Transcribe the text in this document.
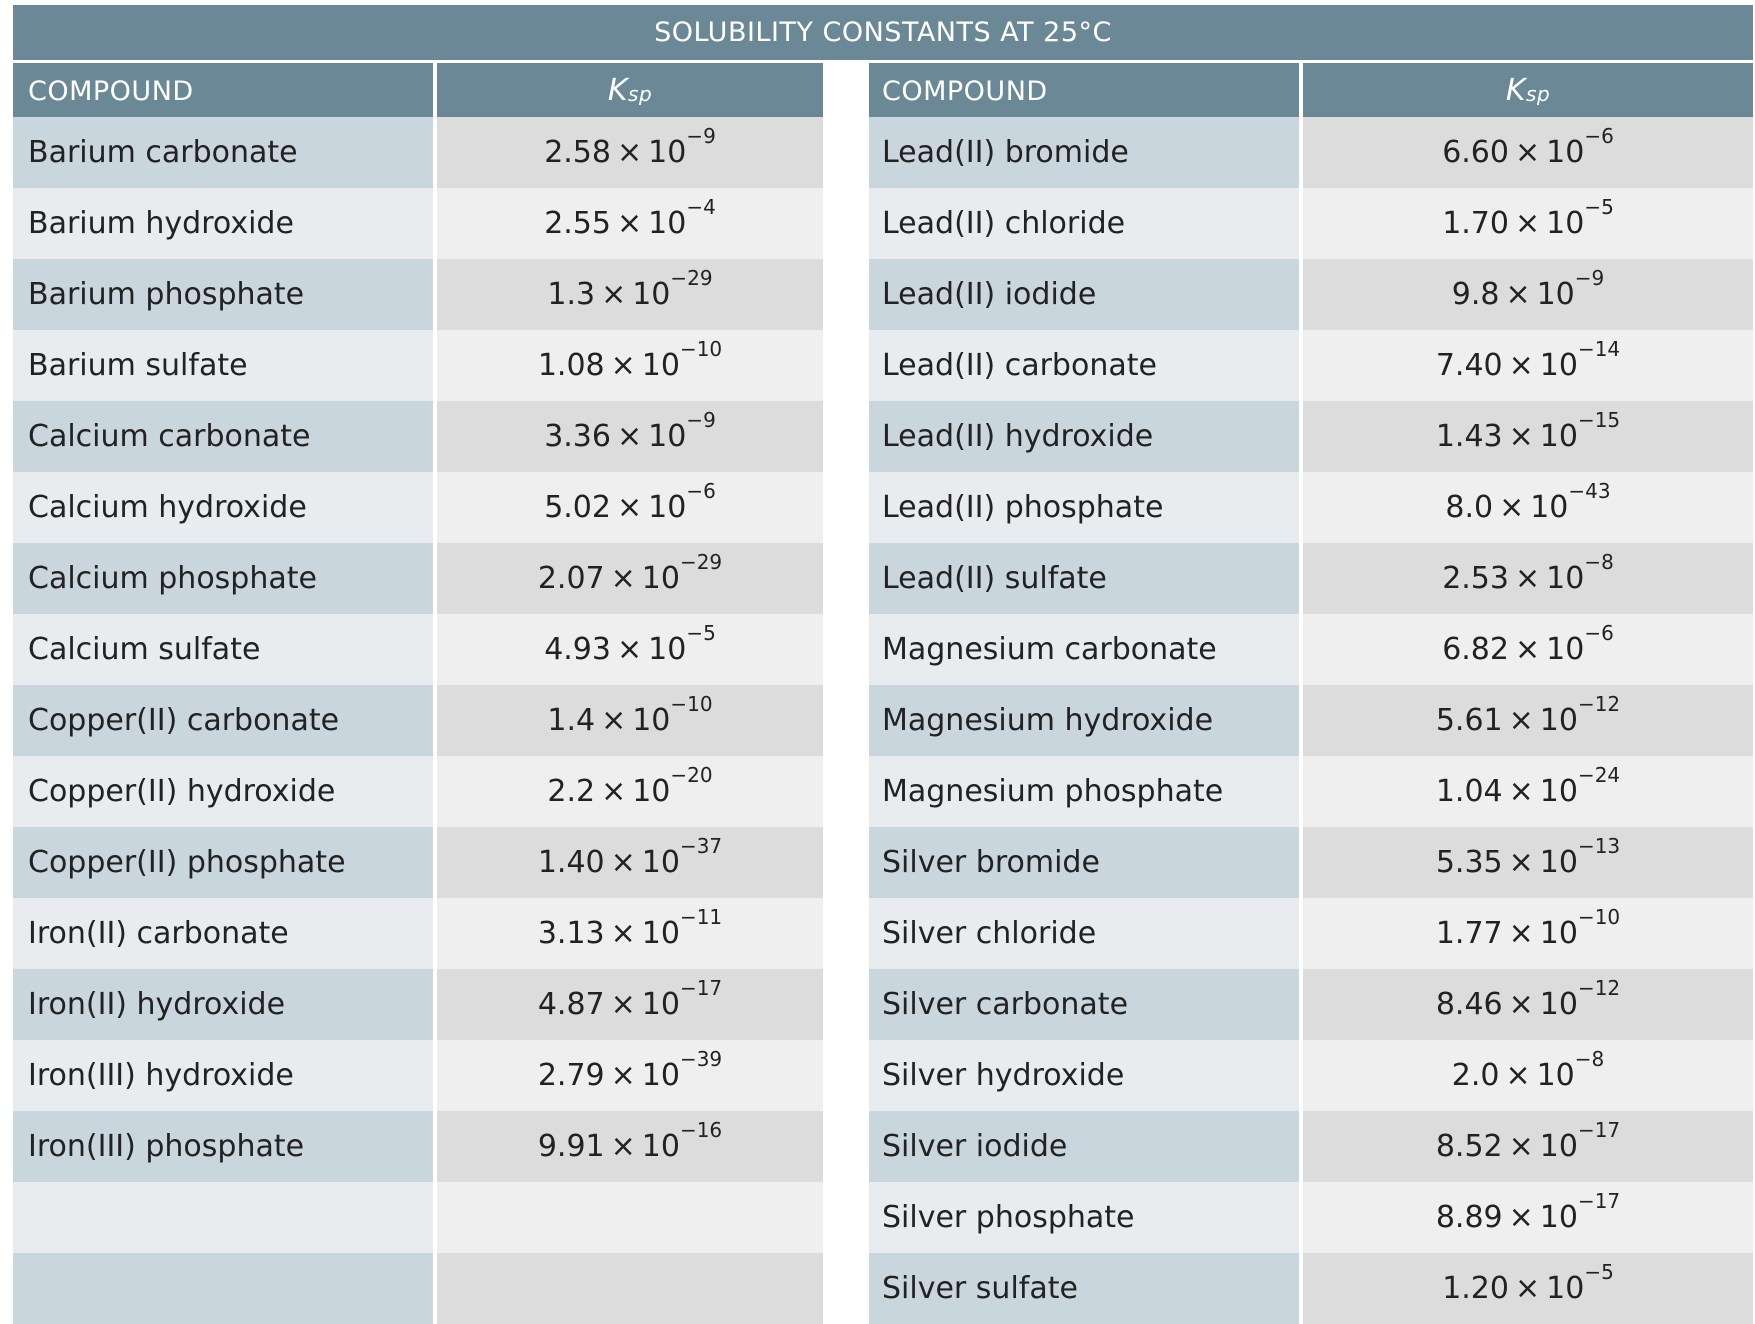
SOLUBILITY CONSTANTS AT 25°C
COMPOUND	$K_{sp}$
Barium carbonate	$2.58 \times 10^{-9}$
Barium hydroxide	$2.55 \times 10^{-4}$
Barium phosphate	$1.3 \times 10^{-29}$
Barium sulfate	$1.08 \times 10^{-10}$
Calcium carbonate	$3.36 \times 10^{-9}$
Calcium hydroxide	$5.02 \times 10^{-6}$
Calcium phosphate	$2.07 \times 10^{-29}$
Calcium sulfate	$4.93 \times 10^{-5}$
Copper(II) carbonate	$1.4 \times 10^{-10}$
Copper(II) hydroxide	$2.2 \times 10^{-20}$
Copper(II) phosphate	$1.40 \times 10^{-37}$
Iron(II) carbonate	$3.13 \times 10^{-11}$
Iron(II) hydroxide	$4.87 \times 10^{-17}$
Iron(III) hydroxide	$2.79 \times 10^{-39}$
Iron(III) phosphate	$9.91 \times 10^{-16}$
COMPOUND	$K_{sp}$
Lead(II) bromide	$6.60 \times 10^{-6}$
Lead(II) chloride	$1.70 \times 10^{-5}$
Lead(II) iodide	$9.8 \times 10^{-9}$
Lead(II) carbonate	$7.40 \times 10^{-14}$
Lead(II) hydroxide	$1.43 \times 10^{-15}$
Lead(II) phosphate	$8.0 \times 10^{-43}$
Lead(II) sulfate	$2.53 \times 10^{-8}$
Magnesium carbonate	$6.82 \times 10^{-6}$
Magnesium hydroxide	$5.61 \times 10^{-12}$
Magnesium phosphate	$1.04 \times 10^{-24}$
Silver bromide	$5.35 \times 10^{-13}$
Silver chloride	$1.77 \times 10^{-10}$
Silver carbonate	$8.46 \times 10^{-12}$
Silver hydroxide	$2.0 \times 10^{-8}$
Silver iodide	$8.52 \times 10^{-17}$
Silver phosphate	$8.89 \times 10^{-17}$
Silver sulfate	$1.20 \times 10^{-5}$
